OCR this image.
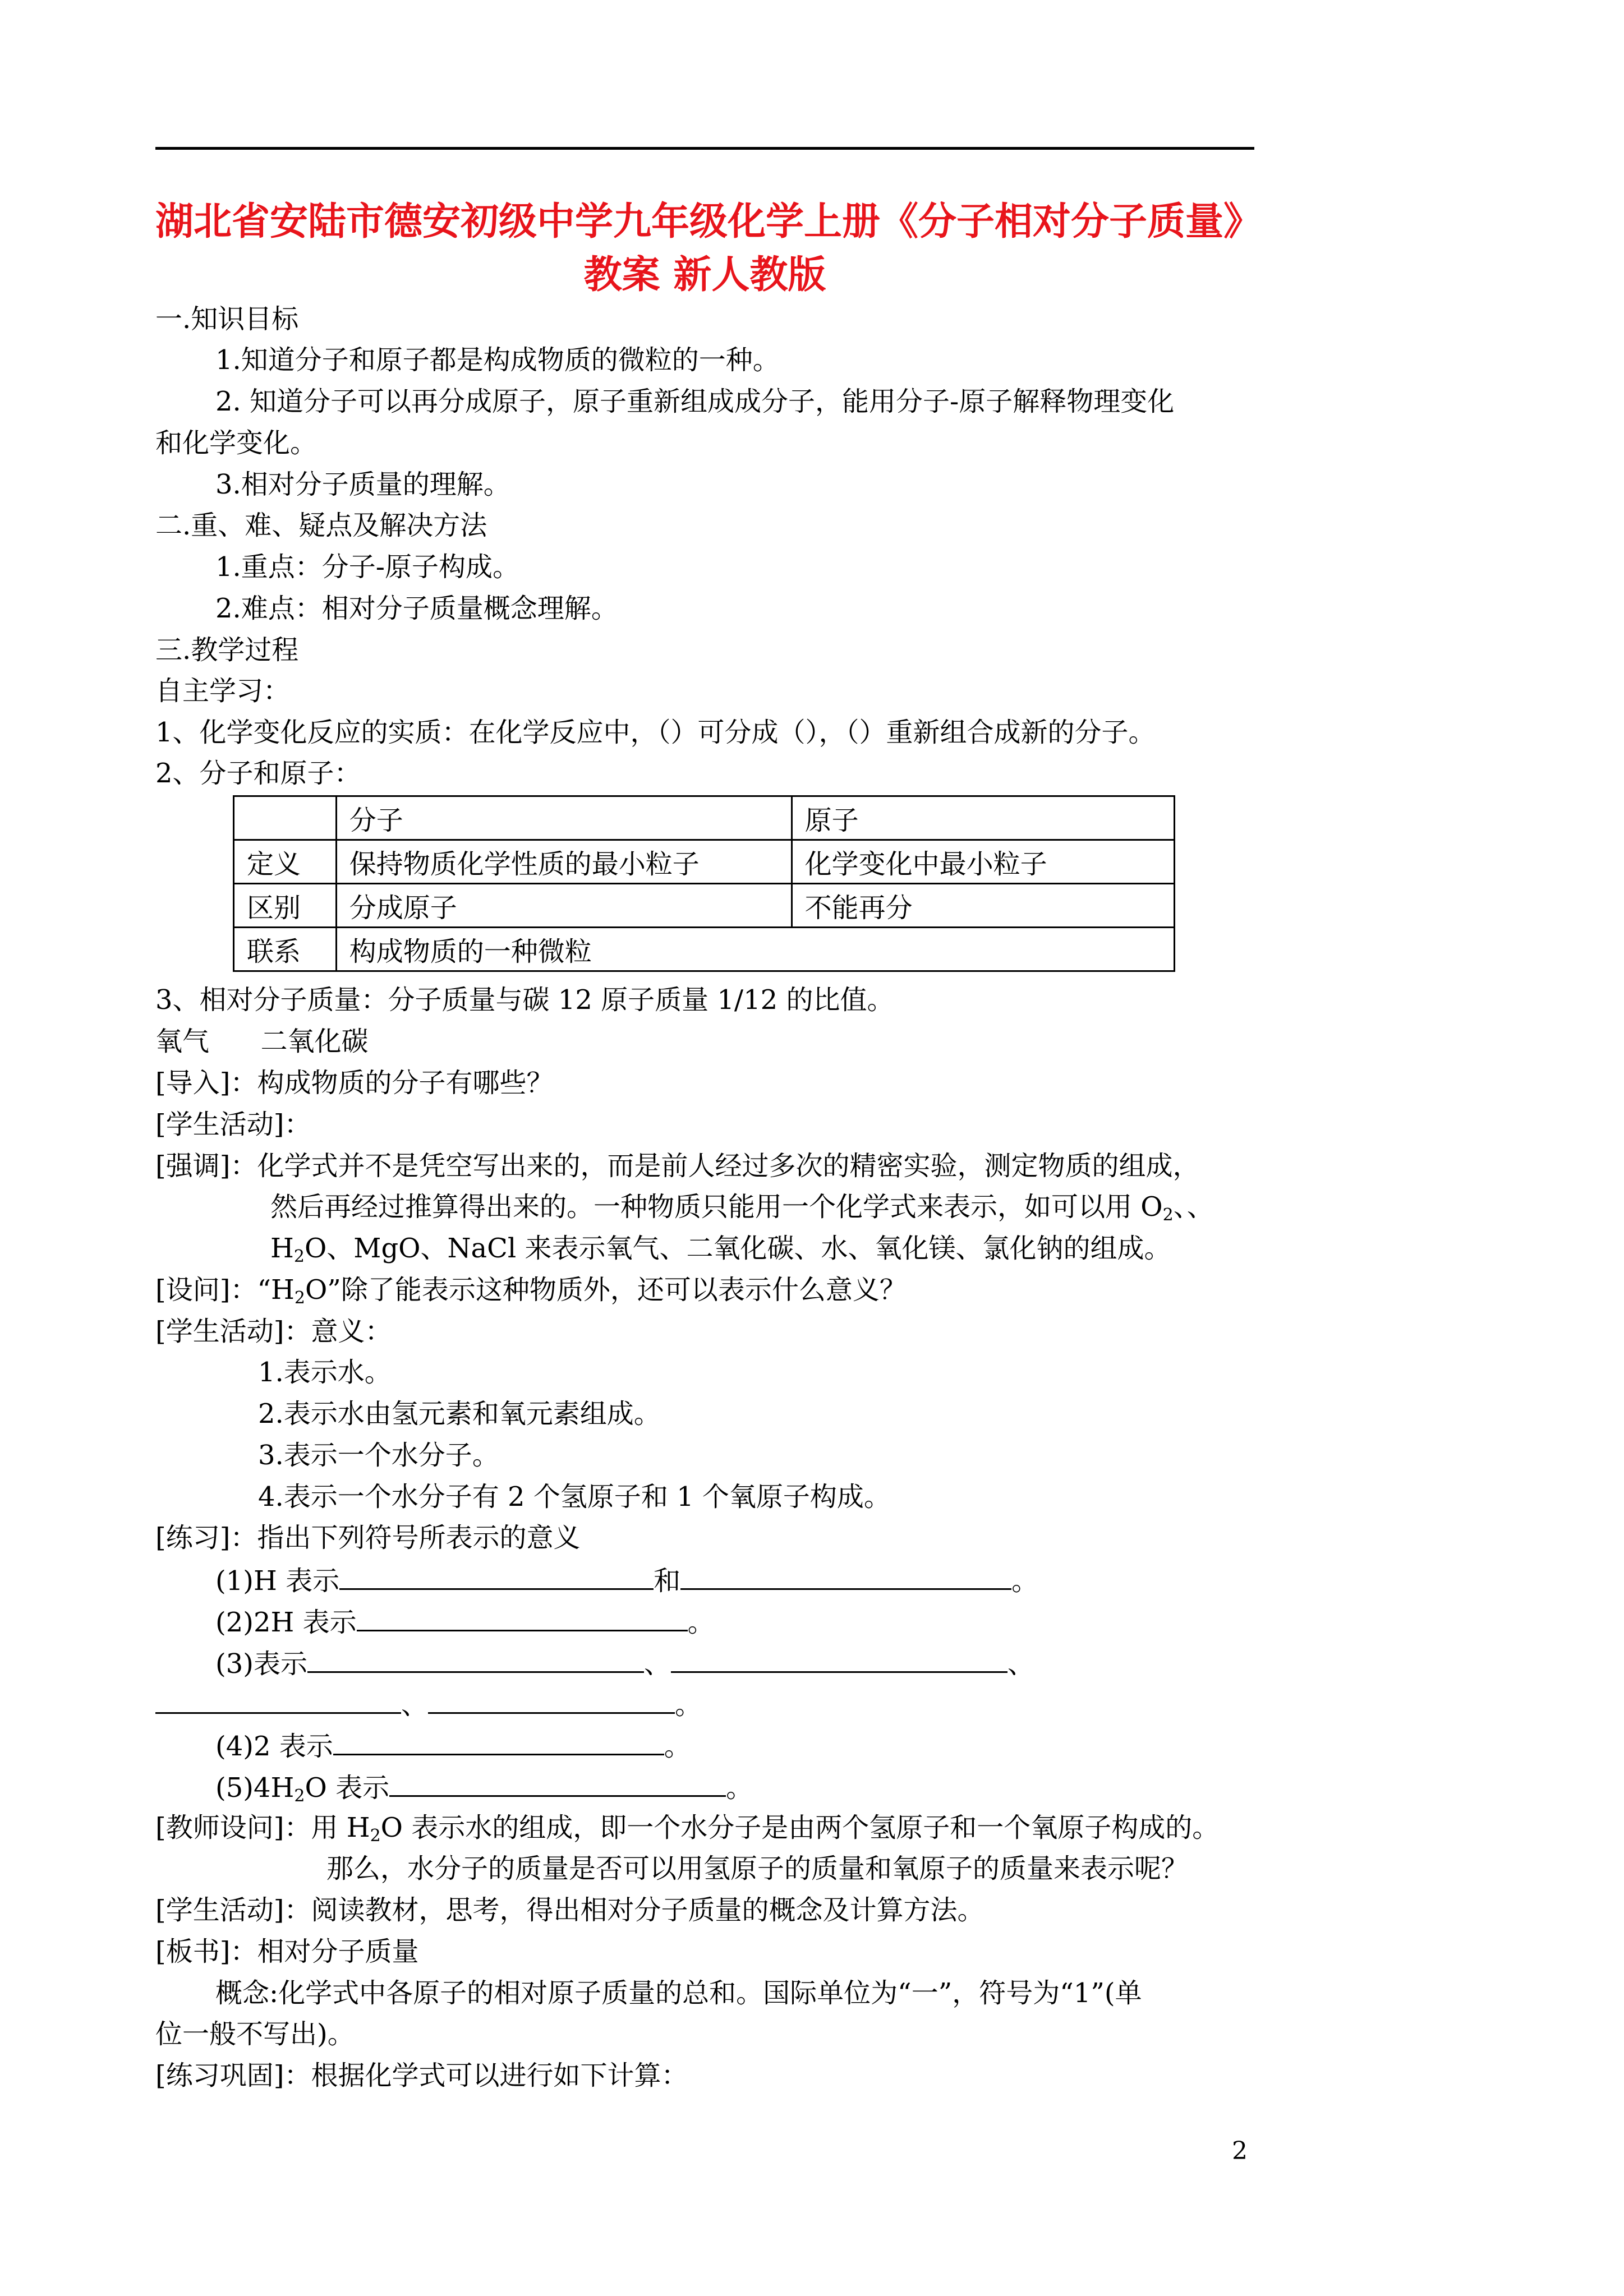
湖北省安陆市德安初级中学九年级化学上册《分子相对分子质量》
教案 新人教版
一.知识目标
1.知道分子和原子都是构成物质的微粒的一种。
2. 知道分子可以再分成原子，原子重新组成成分子，能用分子-原子解释物理变化
和化学变化。
3.相对分子质量的理解。
二.重、难、疑点及解决方法
1.重点：分子-原子构成。
2.难点：相对分子质量概念理解。
三.教学过程
自主学习：
1、化学变化反应的实质：在化学反应中，（）可分成（），（）重新组合成新的分子。
2、分子和原子：
	分子	原子
定义	保持物质化学性质的最小粒子	化学变化中最小粒子
区别	分成原子	不能再分
联系	构成物质的一种微粒	
3、相对分子质量：分子质量与碳 12 原子质量 1/12 的比值。
氧气      二氧化碳
[导入]：构成物质的分子有哪些？
[学生活动]：
[强调]：化学式并不是凭空写出来的，而是前人经过多次的精密实验，测定物质的组成，
然后再经过推算得出来的。一种物质只能用一个化学式来表示，如可以用 $O_2$、、
$H_2O$、MgO、NaCl 来表示氧气、二氧化碳、水、氧化镁、氯化钠的组成。
[设问]：“$H_2O$”除了能表示这种物质外，还可以表示什么意义？
[学生活动]：意义：
1.表示水。
2.表示水由氢元素和氧元素组成。
3.表示一个水分子。
4.表示一个水分子有 2 个氢原子和 1 个氧原子构成。
[练习]：指出下列符号所表示的意义
(1)H 表示	和	。
(2)2H 表示	。
(3)表示	、	、
、	。
(4)2 表示	。
$(5)4H_2O$ 表示	。
[教师设问]：用 $H_2O$ 表示水的组成，即一个水分子是由两个氢原子和一个氧原子构成的。
那么，水分子的质量是否可以用氢原子的质量和氧原子的质量来表示呢？
[学生活动]：阅读教材，思考，得出相对分子质量的概念及计算方法。
[板书]：相对分子质量
概念:化学式中各原子的相对原子质量的总和。国际单位为“一”，符号为“1”(单
位一般不写出)。
[练习巩固]：根据化学式可以进行如下计算：
2
